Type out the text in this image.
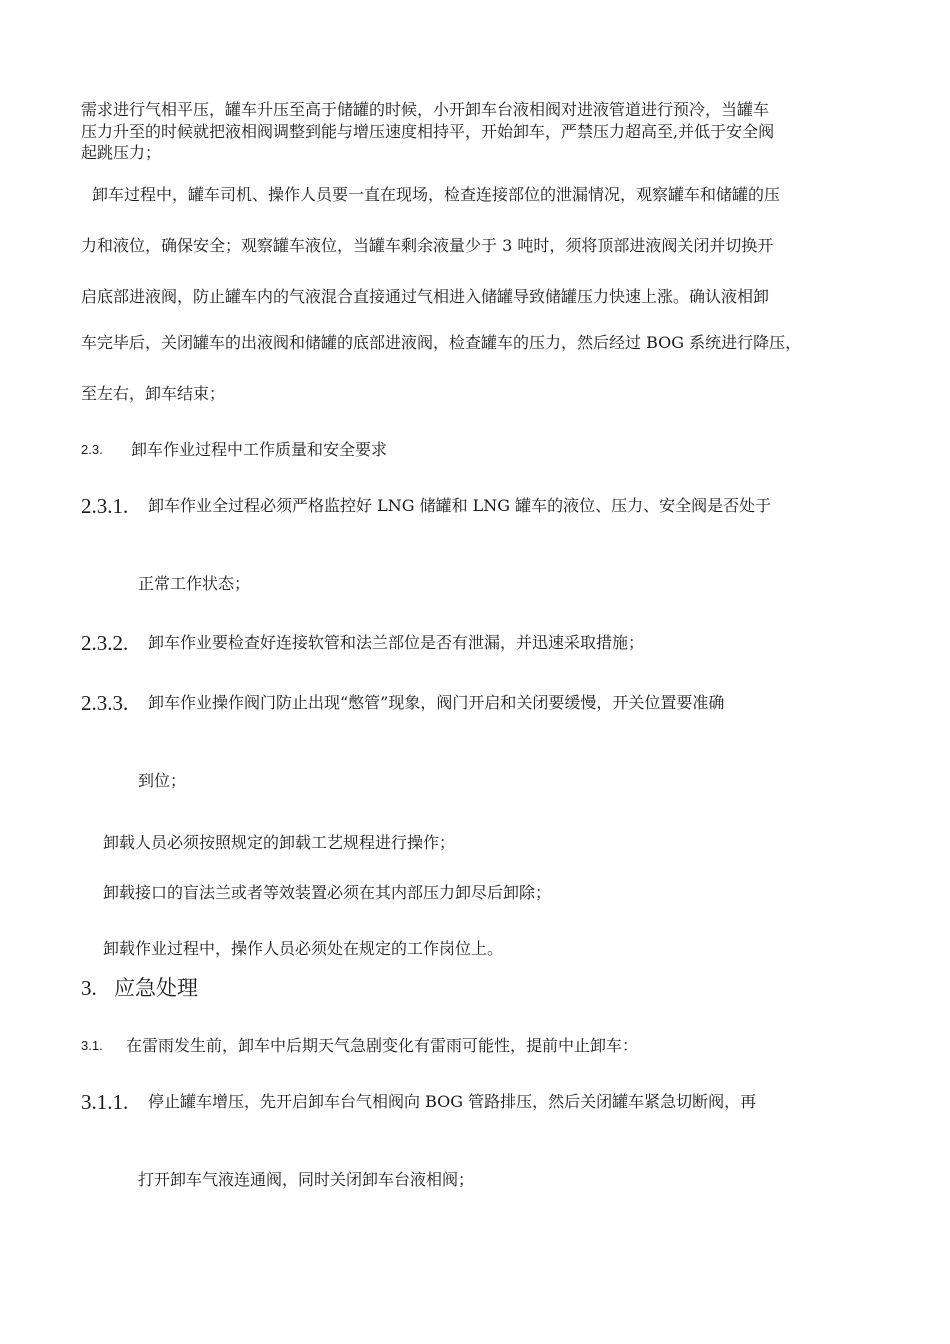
需求进行气相平压，罐车升压至高于储罐的时候，小开卸车台液相阀对进液管道进行预冷，当罐车
压力升至的时候就把液相阀调整到能与增压速度相持平，开始卸车，严禁压力超高至,并低于安全阀
起跳压力；
卸车过程中，罐车司机、操作人员要一直在现场，检查连接部位的泄漏情况，观察罐车和储罐的压
力和液位，确保安全；观察罐车液位，当罐车剩余液量少于 3 吨时，须将顶部进液阀关闭并切换开
启底部进液阀，防止罐车内的气液混合直接通过气相进入储罐导致储罐压力快速上涨。确认液相卸
车完毕后，关闭罐车的出液阀和储罐的底部进液阀，检查罐车的压力，然后经过 BOG 系统进行降压，
至左右，卸车结束；
2.3. 卸车作业过程中工作质量和安全要求
2.3.1. 卸车作业全过程必须严格监控好 LNG 储罐和 LNG 罐车的液位、压力、安全阀是否处于
正常工作状态；
2.3.2. 卸车作业要检查好连接软管和法兰部位是否有泄漏，并迅速采取措施；
2.3.3. 卸车作业操作阀门防止出现“憋管”现象，阀门开启和关闭要缓慢，开关位置要准确
到位；
卸载人员必须按照规定的卸载工艺规程进行操作；
卸载接口的盲法兰或者等效装置必须在其内部压力卸尽后卸除；
卸载作业过程中，操作人员必须处在规定的工作岗位上。
3. 应急处理
3.1. 在雷雨发生前，卸车中后期天气急剧变化有雷雨可能性，提前中止卸车：
3.1.1. 停止罐车增压，先开启卸车台气相阀向 BOG 管路排压，然后关闭罐车紧急切断阀，再
打开卸车气液连通阀，同时关闭卸车台液相阀；
